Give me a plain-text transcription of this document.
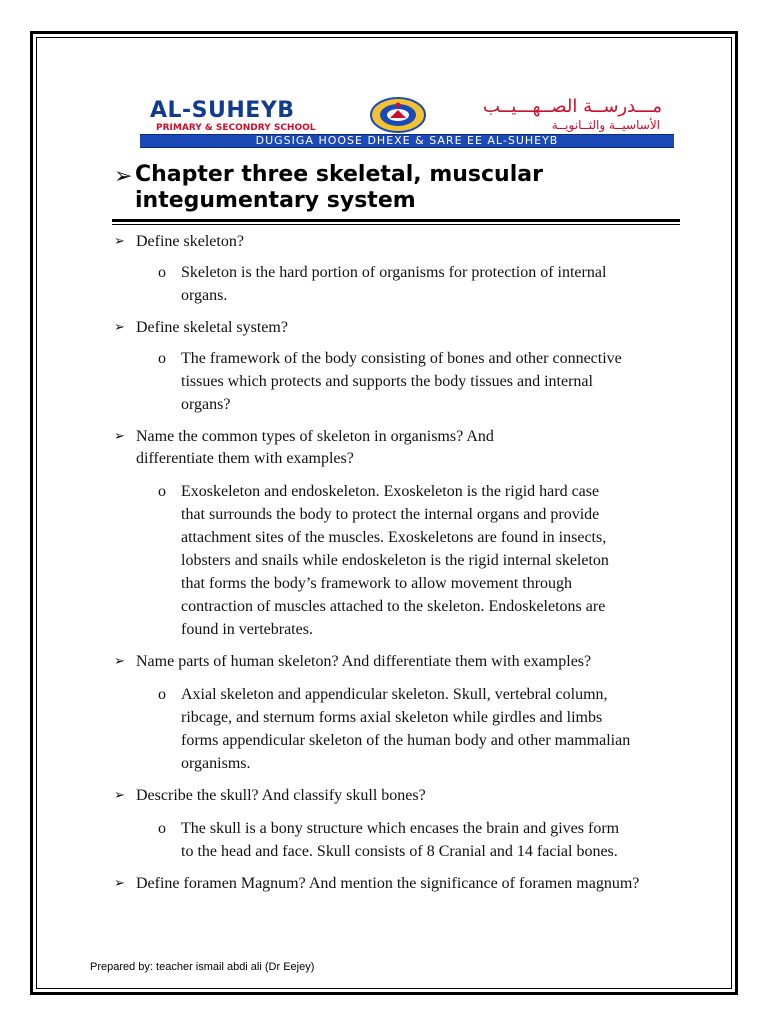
AL-SUHEYB
PRIMARY & SECONDRY SCHOOL
مـــدرســة الصــهـــيــب
الأساسيــة والثــانويــة
DUGSIGA HOOSE DHEXE & SARE EE AL-SUHEYB
➢ Chapter three skeletal, muscular integumentary system

➢ Define skeleton?

o Skeleton is the hard portion of organisms for protection of internal organs.

➢ Define skeletal system?

o The framework of the body consisting of bones and other connective tissues which protects and supports the body tissues and internal organs?

➢ Name the common types of skeleton in organisms? And differentiate them with examples?

o Exoskeleton and endoskeleton. Exoskeleton is the rigid hard case that surrounds the body to protect the internal organs and provide attachment sites of the muscles. Exoskeletons are found in insects, lobsters and snails while endoskeleton is the rigid internal skeleton that forms the body’s framework to allow movement through contraction of muscles attached to the skeleton. Endoskeletons are found in vertebrates.

➢ Name parts of human skeleton? And differentiate them with examples?

o Axial skeleton and appendicular skeleton. Skull, vertebral column, ribcage, and sternum forms axial skeleton while girdles and limbs forms appendicular skeleton of the human body and other mammalian organisms.

➢ Describe the skull? And classify skull bones?

o The skull is a bony structure which encases the brain and gives form to the head and face. Skull consists of 8 Cranial and 14 facial bones.

➢ Define foramen Magnum? And mention the significance of foramen magnum?

Prepared by: teacher ismail abdi ali (Dr Eejey)
